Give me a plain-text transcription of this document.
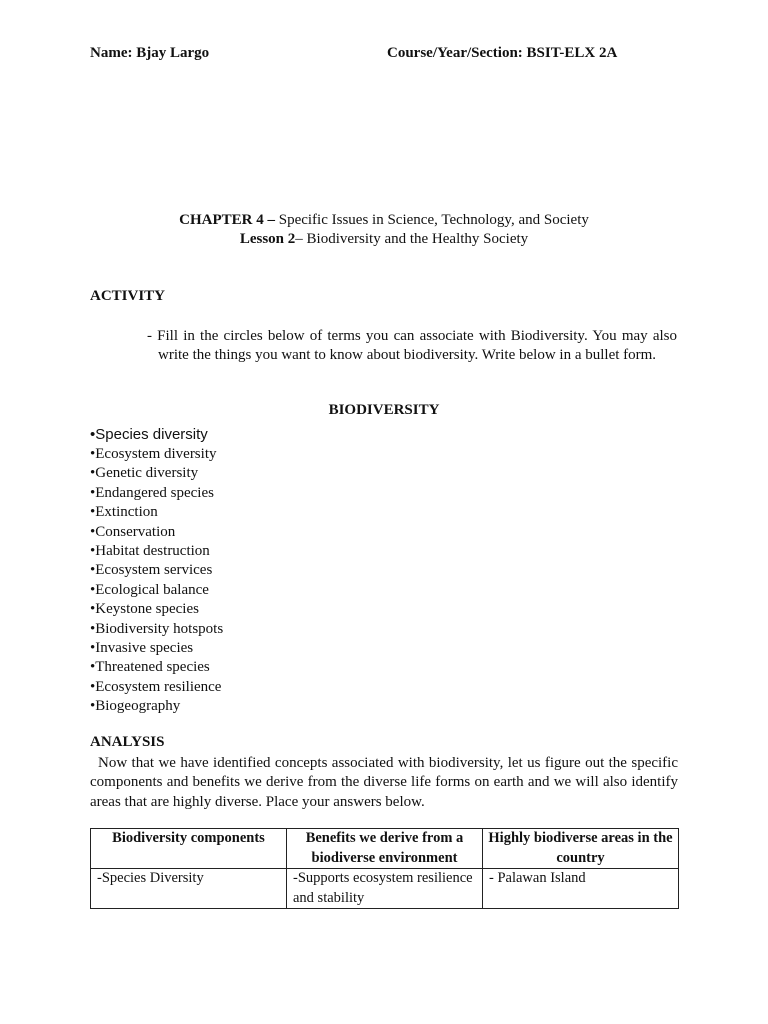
Name: Bjay Largo	Course/Year/Section: BSIT-ELX 2A
CHAPTER 4 – Specific Issues in Science, Technology, and Society
Lesson 2– Biodiversity and the Healthy Society
ACTIVITY
- Fill in the circles below of terms you can associate with Biodiversity. You may also write the things you want to know about biodiversity. Write below in a bullet form.
BIODIVERSITY
•Species diversity
•Ecosystem diversity
•Genetic diversity
•Endangered species
•Extinction
•Conservation
•Habitat destruction
•Ecosystem services
•Ecological balance
•Keystone species
•Biodiversity hotspots
•Invasive species
•Threatened species
•Ecosystem resilience
•Biogeography
ANALYSIS
Now that we have identified concepts associated with biodiversity, let us figure out the specific components and benefits we derive from the diverse life forms on earth and we will also identify areas that are highly diverse. Place your answers below.
Biodiversity components	Benefits we derive from a biodiverse environment	Highly biodiverse areas in the country
-Species Diversity	-Supports ecosystem resilience and stability	- Palawan Island
